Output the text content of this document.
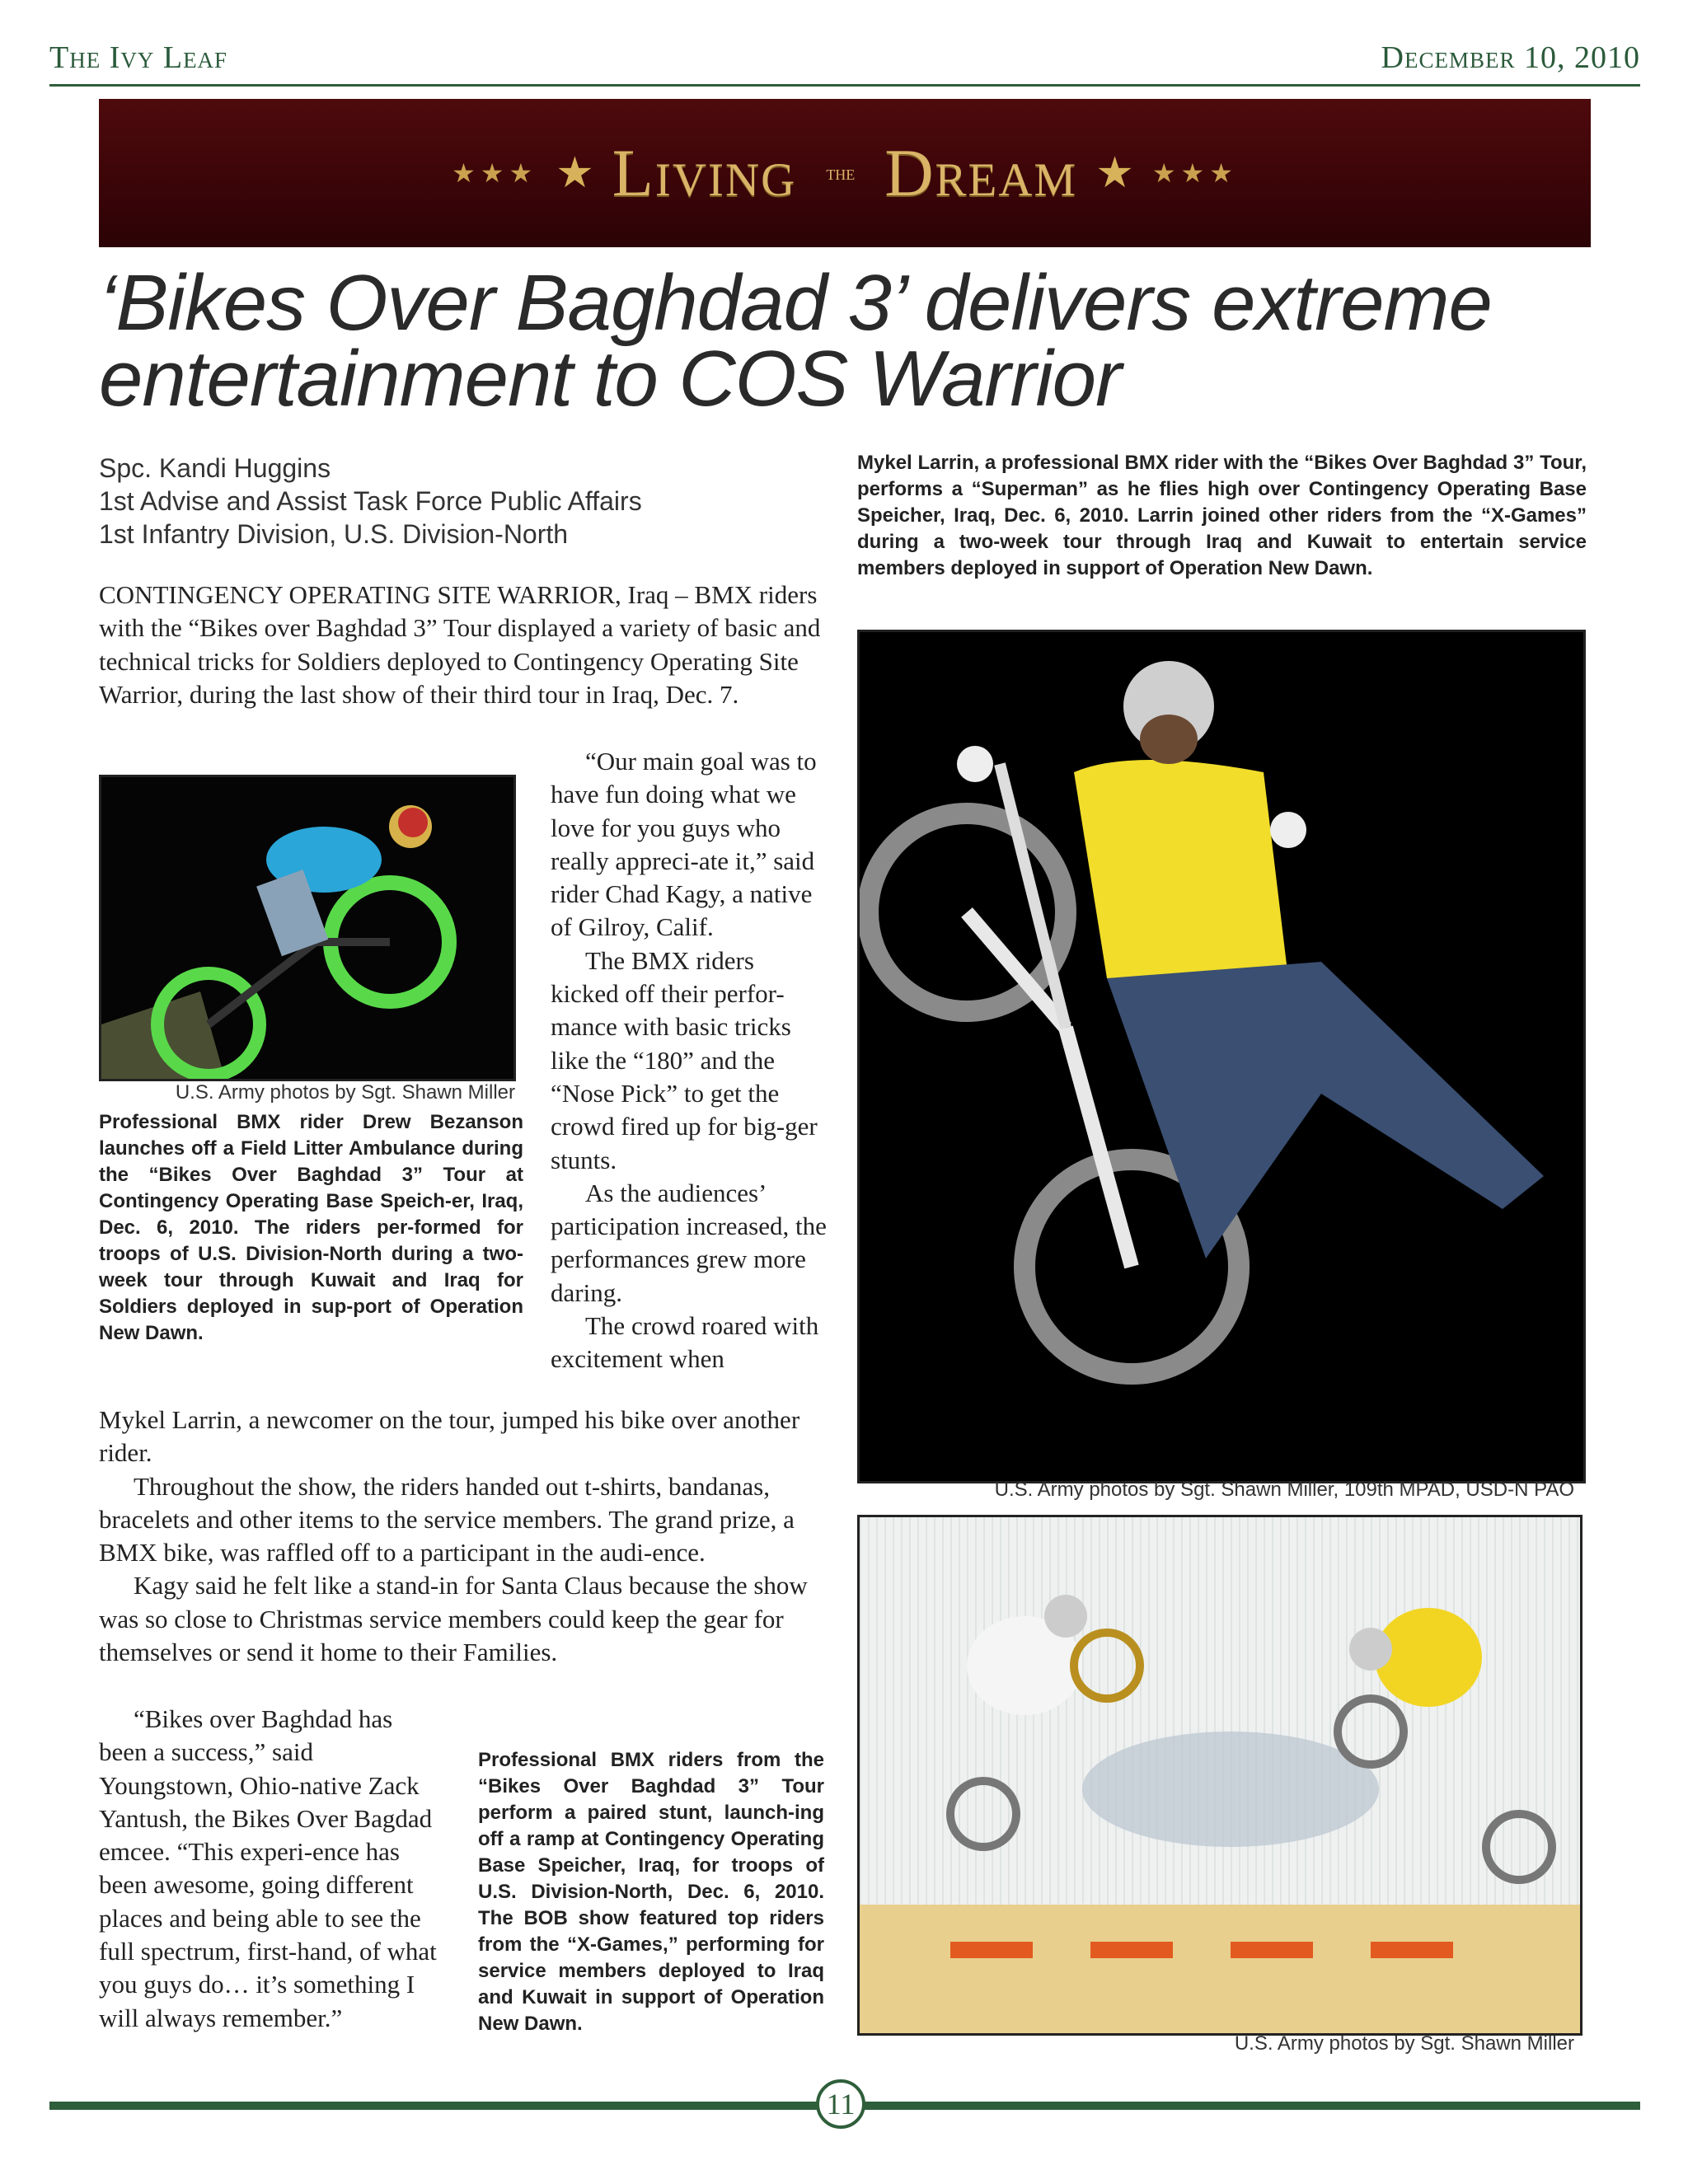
The Ivy Leaf	December 10, 2010
★★★ ★ Living the Dream ★ ★★★
‘Bikes Over Baghdad 3’ delivers extreme entertainment to COS Warrior
Spc. Kandi Huggins
1st Advise and Assist Task Force Public Affairs
1st Infantry Division, U.S. Division-North
CONTINGENCY OPERATING SITE WARRIOR, Iraq – BMX riders with the “Bikes over Baghdad 3” Tour displayed a variety of basic and technical tricks for Soldiers deployed to Contingency Operating Site Warrior, during the last show of their third tour in Iraq, Dec. 7.
U.S. Army photos by Sgt. Shawn Miller
Professional BMX rider Drew Bezanson launches off a Field Litter Ambulance during the “Bikes Over Baghdad 3” Tour at Contingency Operating Base Speich-er, Iraq, Dec. 6, 2010. The riders per-formed for troops of U.S. Division-North during a two-week tour through Kuwait and Iraq for Soldiers deployed in sup-port of Operation New Dawn.

“Our main goal was to have fun doing what we love for you guys who really appreci-ate it,” said rider Chad Kagy, a native of Gilroy, Calif.

The BMX riders kicked off their perfor-mance with basic tricks like the “180” and the “Nose Pick” to get the crowd fired up for big-ger stunts.

As the audiences’ participation increased, the performances grew more daring.

The crowd roared with excitement when

Mykel Larrin, a newcomer on the tour, jumped his bike over another rider.

Throughout the show, the riders handed out t-shirts, bandanas, bracelets and other items to the service members. The grand prize, a BMX bike, was raffled off to a participant in the audi-ence.

Kagy said he felt like a stand-in for Santa Claus because the show was so close to Christmas service members could keep the gear for themselves or send it home to their Families.

“Bikes over Baghdad has been a success,” said Youngstown, Ohio-native Zack Yantush, the Bikes Over Bagdad emcee. “This experi-ence has been awesome, going different places and being able to see the full spectrum, first-hand, of what you guys do… it’s something I will always remember.”

Professional BMX riders from the “Bikes Over Baghdad 3” Tour perform a paired stunt, launch-ing off a ramp at Contingency Operating Base Speicher, Iraq, for troops of U.S. Division-North, Dec. 6, 2010. The BOB show featured top riders from the “X-Games,” performing for service members deployed to Iraq and Kuwait in support of Operation New Dawn.
Mykel Larrin, a professional BMX rider with the “Bikes Over Baghdad 3” Tour, performs a “Superman” as he flies high over Contingency Operating Base Speicher, Iraq, Dec. 6, 2010. Larrin joined other riders from the “X-Games” during a two-week tour through Iraq and Kuwait to entertain service members deployed in support of Operation New Dawn.
U.S. Army photos by Sgt. Shawn Miller, 109th MPAD, USD-N PAO
U.S. Army photos by Sgt. Shawn Miller
11
